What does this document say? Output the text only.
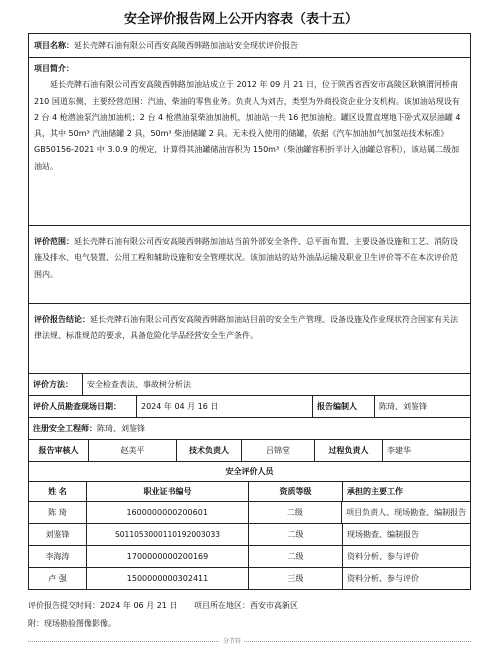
安全评价报告网上公开内容表（表十五）
项目名称： 延长壳牌石油有限公司西安高陵西韩路加油站安全现状评价报告
项目简介：
延长壳牌石油有限公司西安高陵西韩路加油站成立于 2012 年 09 月 21 日，位于陕西省西安市高陵区耿镇渭河桥南 210 国道东侧，主要经营范围：汽油、柴油的零售业务。负责人为刘吉，类型为外商投资企业分支机构。该加油站现设有 2 台 4 枪潜油泵汽油加油机；2 台 4 枪潜油泵柴油加油机，加油站一共 16 把加油枪。罐区设置直埋地下卧式双层油罐 4 具，其中 50m³ 汽油储罐 2 具，50m³ 柴油储罐 2 具。无未投入使用的储罐，依据《汽车加油加气加氢站技术标准》GB50156-2021 中 3.0.9 的规定，计算得其油罐储油容积为 150m³（柴油罐容积折半计入油罐总容积），该站属二级加油站。
评价范围：延长壳牌石油有限公司西安高陵西韩路加油站当前外部安全条件、总平面布置、主要设备设施和工艺、消防设施及排水、电气装置、公用工程和辅助设施和安全管理状况。该加油站的站外油品运输及职业卫生评价等不在本次评价范围内。
评价报告结论：延长壳牌石油有限公司西安高陵西韩路加油站目前的安全生产管理、设备设施及作业现状符合国家有关法律法规、标准规范的要求，具备危险化学品经营安全生产条件。
评价方法：	安全检查表法、事故树分析法
评价人员勘查现场日期：	2024 年 04 月 16 日	报告编制人	陈琦、刘鉴锋
注册安全工程师： 陈琦、刘鉴锋
报告审核人	赵美平	技术负责人	吕锦堂	过程负责人	李建华
安全评价人员
姓 名	职业证书编号	资质等级	承担的主要工作
陈 琦	1600000000200601	二级	项目负责人、现场勘查、编制报告
刘鉴锋	S011053000110192003033	二级	现场勘查、编制报告
李海涛	1700000000200169	二级	资料分析、参与评价
卢 强	1500000000302411	三级	资料分析、参与评价
评价报告提交时间：2024 年 06 月 21 日 项目所在地区：西安市高新区
附：现场勘验图像影像。
分节符
